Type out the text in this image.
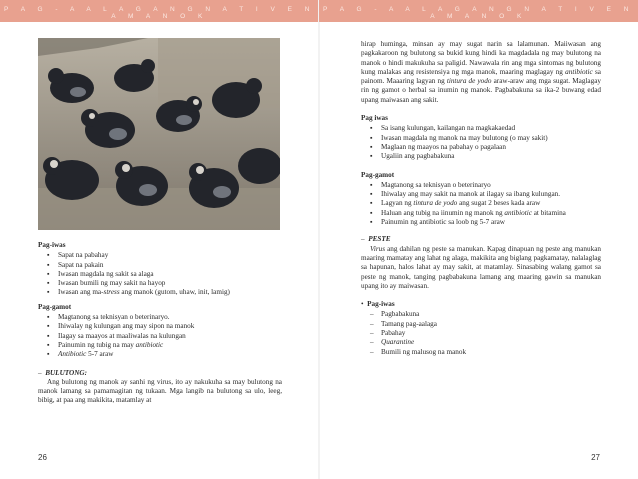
P A G - A A L A G A N G N A T I V E N A M A N O K
Pag-iwas
▪ Sapat na pabahay
▪ Sapat na pakain
▪ Iwasan magdala ng sakit sa alaga
▪ Iwasan bumili ng may sakit na hayop
▪ Iwasan ang ma-stress ang manok (gutom, uhaw, init, lamig)
Pag-gamot
▪ Magtanong sa teknisyan o beterinaryo.
▪ Ihiwalay ng kulungan ang may sipon na manok
▪ Ilagay sa maayos at maaliwalas na kulungan
▪ Painumin ng tubig na may antibiotic
▪ Antibiotic 5-7 araw
– BULUTONG:
Ang bulutong ng manok ay sanhi ng virus, ito ay nakukuha sa may bulutong na manok lamang sa pamamagitan ng tukaan. Mga langib na bulutong sa ulo, leeg, bibig, at paa ang makikita, matamlay at
26
P A G - A A L A G A N G N A T I V E N A M A N O K
hirap huminga, minsan ay may sugat narin sa lalamunan. Maiiwasan ang pagkakaroon ng bulutong sa bukid kung hindi ka magdadala ng may bulutong na manok o hindi makukuha sa paligid. Nawawala rin ang mga sintomas ng bulutong kung malakas ang resistensiya ng mga manok, maaring maglagay ng antibiotic sa painom. Maaaring lagyan ng tintura de yodo araw-araw ang mga sugat. Maglagay rin ng gamot o herbal sa inumin ng manok. Pagbabakuna sa ika-2 buwang edad upang maiwasan ang sakit.
Pag iwas
▪ Sa isang kulungan, kailangan na magkakaedad
▪ Iwasan magdala ng manok na may bulutong (o may sakit)
▪ Maglaan ng maayos na pabahay o pagalaan
▪ Ugaliin ang pagbabakuna
Pag-gamot
▪ Magtanong sa teknisyan o beterinaryo
▪ Ihiwalay ang may sakit na manok at ilagay sa ibang kulungan.
▪ Lagyan ng tintura de yodo ang sugat 2 beses kada araw
▪ Haluan ang tubig na iinumin ng manok ng antibiotic at bitamina
▪ Painumin ng antibiotic sa loob ng 5-7 araw
– PESTE
Virus ang dahilan ng peste sa manukan. Kapag dinapuan ng peste ang manukan maaring mamatay ang lahat ng alaga, makikita ang biglang pagkamatay, nalalaglag sa hapunan, halos lahat ay may sakit, at matamlay. Sinasabing walang gamot sa peste ng manok, tanging pagbabakuna lamang ang maaring gawin sa manukan upang ito ay maiwasan.
• Pag-iwas
– Pagbabakuna
– Tamang pag-aalaga
– Pabahay
– Quarantine
– Bumili ng malusog na manok
27
